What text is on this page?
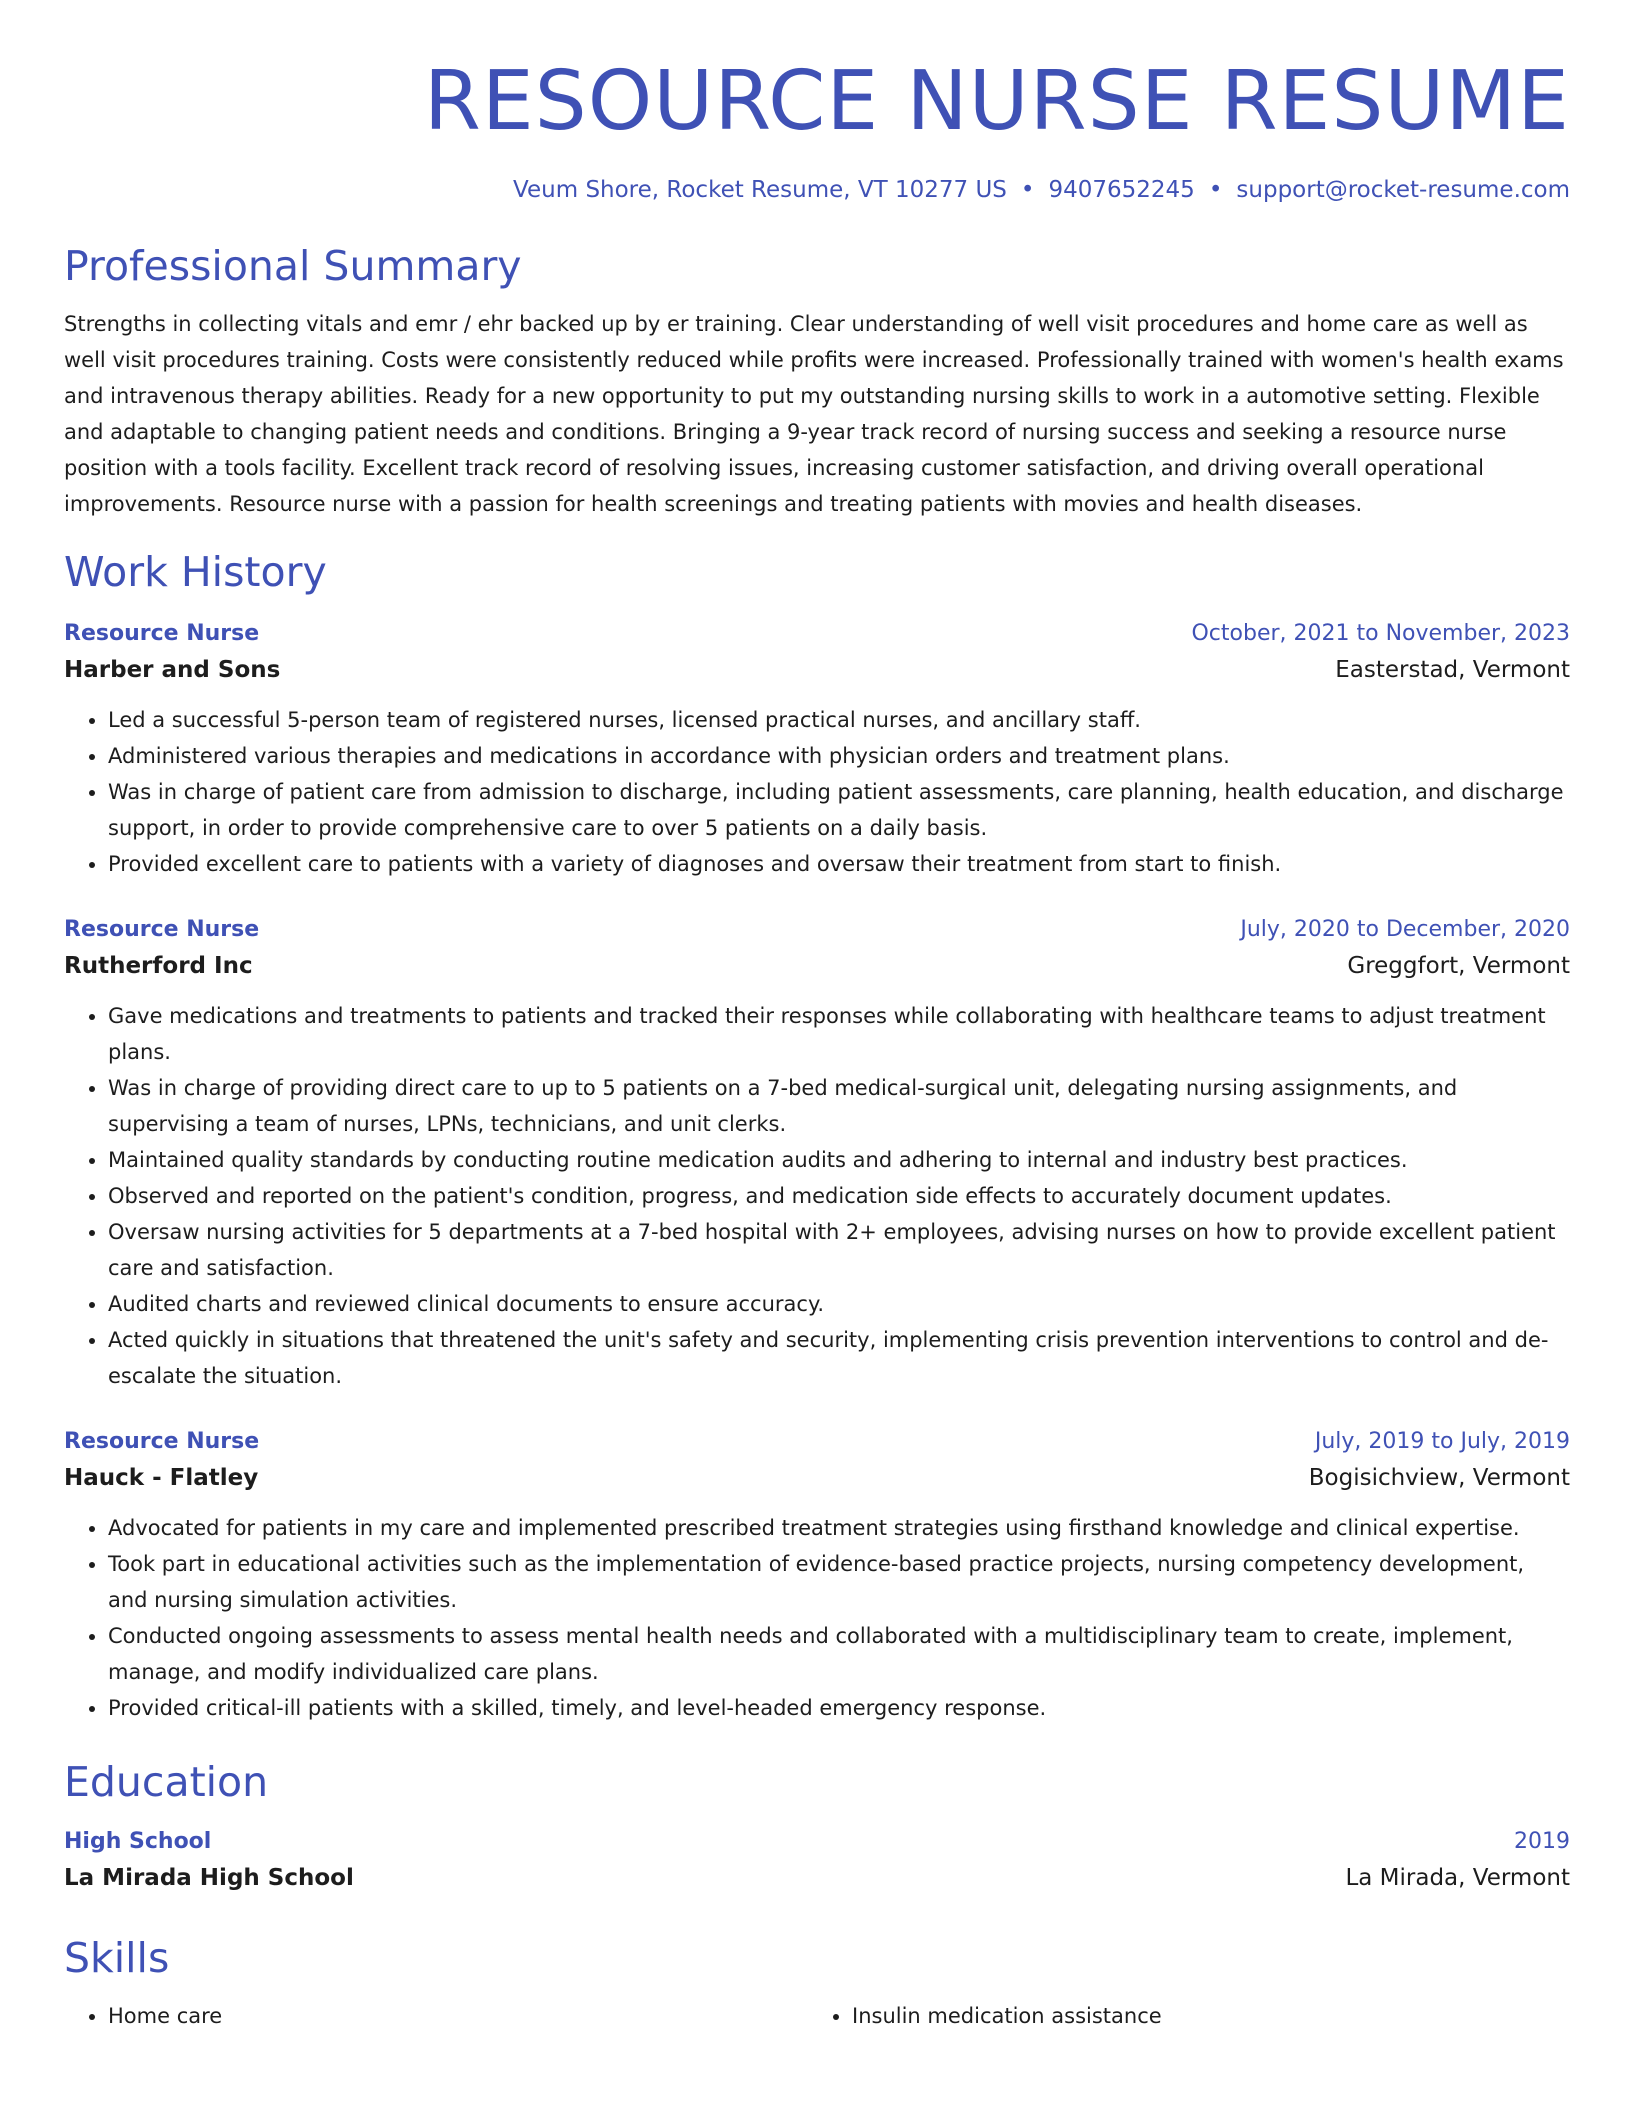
RESOURCE NURSE RESUME
Veum Shore, Rocket Resume, VT 10277 US • 9407652245 • support@rocket-resume.com
Professional Summary
Strengths in collecting vitals and emr / ehr backed up by er training. Clear understanding of well visit procedures and home care as well as well visit procedures training. Costs were consistently reduced while profits were increased. Professionally trained with women's health exams and intravenous therapy abilities. Ready for a new opportunity to put my outstanding nursing skills to work in a automotive setting. Flexible and adaptable to changing patient needs and conditions. Bringing a 9-year track record of nursing success and seeking a resource nurse position with a tools facility. Excellent track record of resolving issues, increasing customer satisfaction, and driving overall operational improvements. Resource nurse with a passion for health screenings and treating patients with movies and health diseases.
Work History
Resource Nurse	October, 2021 to November, 2023
Harber and Sons	Easterstad, Vermont
• Led a successful 5-person team of registered nurses, licensed practical nurses, and ancillary staff.
• Administered various therapies and medications in accordance with physician orders and treatment plans.
• Was in charge of patient care from admission to discharge, including patient assessments, care planning, health education, and discharge support, in order to provide comprehensive care to over 5 patients on a daily basis.
• Provided excellent care to patients with a variety of diagnoses and oversaw their treatment from start to finish.
Resource Nurse	July, 2020 to December, 2020
Rutherford Inc	Greggfort, Vermont
• Gave medications and treatments to patients and tracked their responses while collaborating with healthcare teams to adjust treatment plans.
• Was in charge of providing direct care to up to 5 patients on a 7-bed medical-surgical unit, delegating nursing assignments, and supervising a team of nurses, LPNs, technicians, and unit clerks.
• Maintained quality standards by conducting routine medication audits and adhering to internal and industry best practices.
• Observed and reported on the patient's condition, progress, and medication side effects to accurately document updates.
• Oversaw nursing activities for 5 departments at a 7-bed hospital with 2+ employees, advising nurses on how to provide excellent patient care and satisfaction.
• Audited charts and reviewed clinical documents to ensure accuracy.
• Acted quickly in situations that threatened the unit's safety and security, implementing crisis prevention interventions to control and de-escalate the situation.
Resource Nurse	July, 2019 to July, 2019
Hauck - Flatley	Bogisichview, Vermont
• Advocated for patients in my care and implemented prescribed treatment strategies using firsthand knowledge and clinical expertise.
• Took part in educational activities such as the implementation of evidence-based practice projects, nursing competency development, and nursing simulation activities.
• Conducted ongoing assessments to assess mental health needs and collaborated with a multidisciplinary team to create, implement, manage, and modify individualized care plans.
• Provided critical-ill patients with a skilled, timely, and level-headed emergency response.
Education
High School	2019
La Mirada High School	La Mirada, Vermont
Skills
• Home care
•	Insulin medication assistance
